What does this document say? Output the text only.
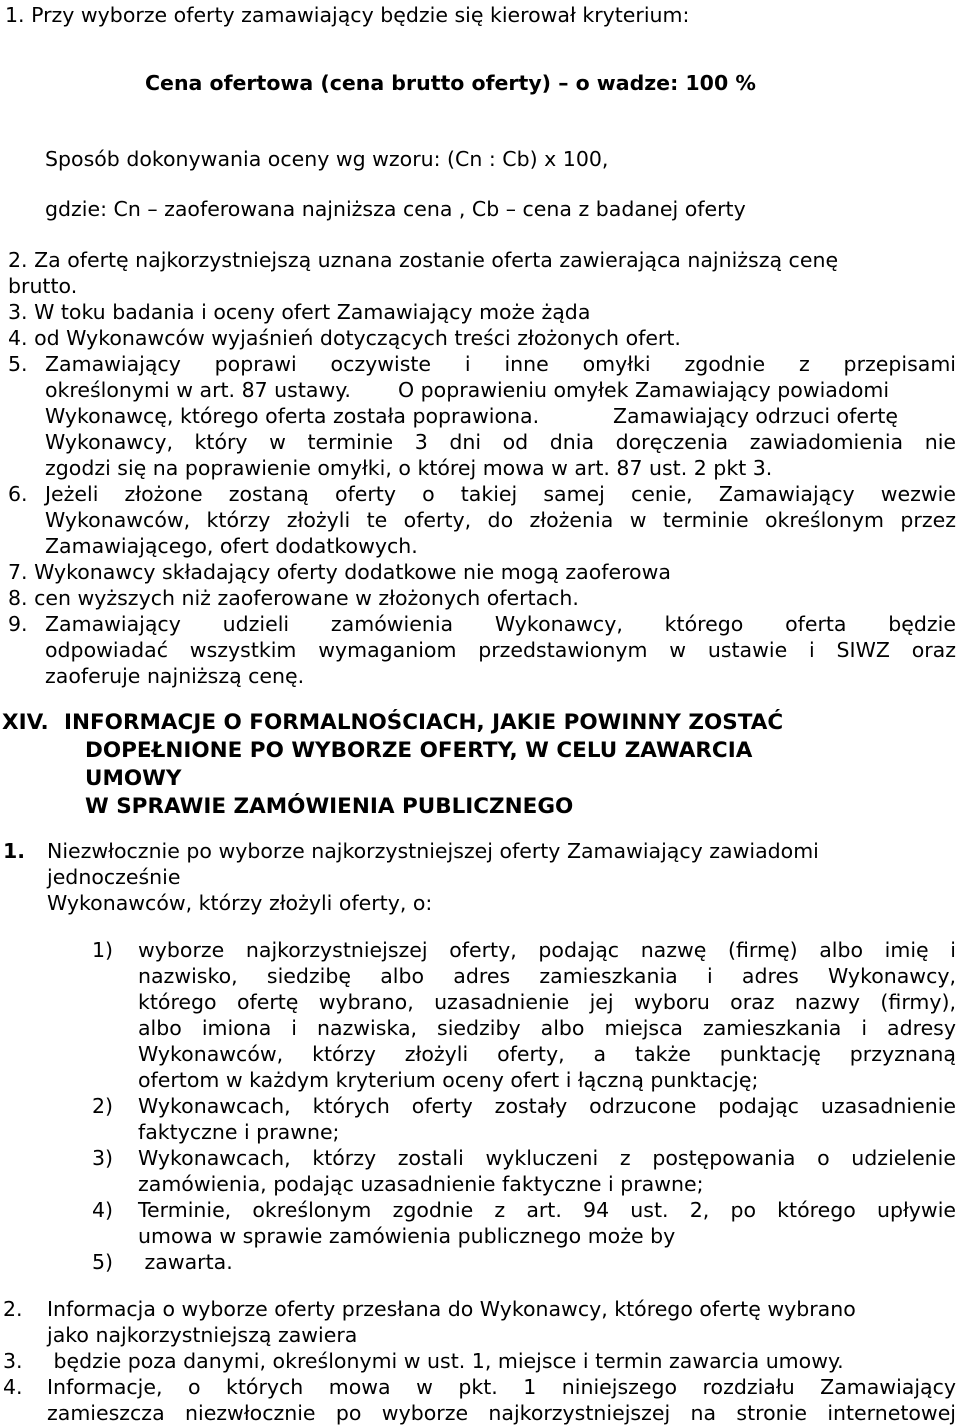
1. Przy wyborze oferty zamawiający będzie się kierował kryterium:
Cena ofertowa (cena brutto oferty) – o wadze: 100 %
Sposób dokonywania oceny wg wzoru: (Cn : Cb) x 100,
gdzie: Cn – zaoferowana najniższa cena , Cb – cena z badanej oferty
2. Za ofertę najkorzystniejszą uznana zostanie oferta zawierająca najniższą cenę
brutto.
3. W toku badania i oceny ofert Zamawiający może żąda
4. od Wykonawców wyjaśnień dotyczących treści złożonych ofert.
5. Zamawiający poprawi oczywiste i inne omyłki zgodnie z przepisami
określonymi w art. 87 ustawy. O poprawieniu omyłek Zamawiający powiadomi
Wykonawcę, którego oferta została poprawiona.	Zamawiający odrzuci ofertę
Wykonawcy, który w terminie 3 dni od dnia doręczenia zawiadomienia nie
zgodzi się na poprawienie omyłki, o której mowa w art. 87 ust. 2 pkt 3.
6. Jeżeli złożone zostaną oferty o takiej samej cenie, Zamawiający wezwie
Wykonawców, którzy złożyli te oferty, do złożenia w terminie określonym przez
Zamawiającego, ofert dodatkowych.
7. Wykonawcy składający oferty dodatkowe nie mogą zaoferowa
8. cen wyższych niż zaoferowane w złożonych ofertach.
9. Zamawiający udzieli zamówienia Wykonawcy, którego oferta będzie
odpowiadać wszystkim wymaganiom przedstawionym w ustawie i SIWZ oraz
zaoferuje najniższą cenę.
XIV. INFORMACJE O FORMALNOŚCIACH, JAKIE POWINNY ZOSTAĆ
DOPEŁNIONE PO WYBORZE OFERTY, W CELU ZAWARCIA
UMOWY
W SPRAWIE ZAMÓWIENIA PUBLICZNEGO
1. Niezwłocznie po wyborze najkorzystniejszej oferty Zamawiający zawiadomi
jednocześnie
Wykonawców, którzy złożyli oferty, o:
1) wyborze najkorzystniejszej oferty, podając nazwę (firmę) albo imię i
nazwisko, siedzibę albo adres zamieszkania i adres Wykonawcy,
którego ofertę wybrano, uzasadnienie jej wyboru oraz nazwy (firmy),
albo imiona i nazwiska, siedziby albo miejsca zamieszkania i adresy
Wykonawców, którzy złożyli oferty, a także punktację przyznaną
ofertom w każdym kryterium oceny ofert i łączną punktację;
2) Wykonawcach, których oferty zostały odrzucone podając uzasadnienie
faktyczne i prawne;
3) Wykonawcach, którzy zostali wykluczeni z postępowania o udzielenie
zamówienia, podając uzasadnienie faktyczne i prawne;
4) Terminie, określonym zgodnie z art. 94 ust. 2, po którego upływie
umowa w sprawie zamówienia publicznego może by
5) zawarta.
2. Informacja o wyborze oferty przesłana do Wykonawcy, którego ofertę wybrano
jako najkorzystniejszą zawiera
3. będzie poza danymi, określonymi w ust. 1, miejsce i termin zawarcia umowy.
4. Informacje, o których mowa w pkt. 1 niniejszego rozdziału Zamawiający
zamieszcza niezwłocznie po wyborze najkorzystniejszej na stronie internetowej
